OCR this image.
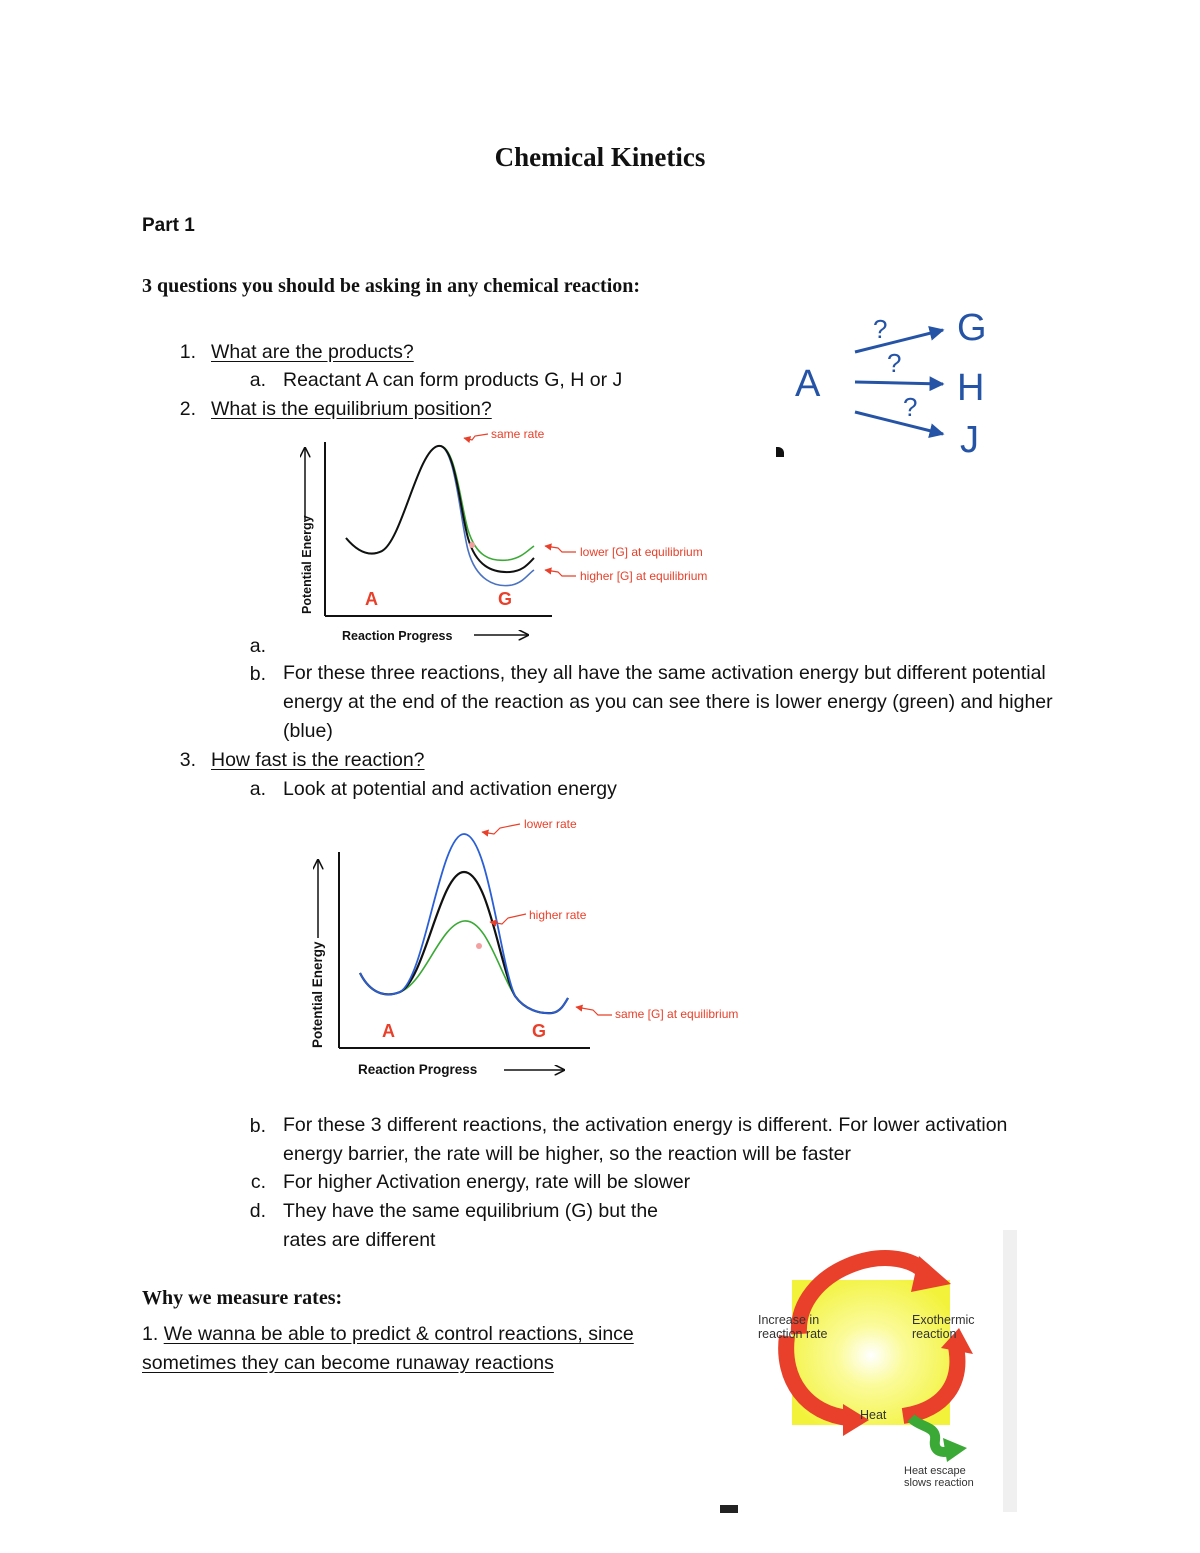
Chemical Kinetics
Part 1
3 questions you should be asking in any chemical reaction:
1. What are the products?
a. Reactant A can form products G, H or J
2. What is the equilibrium position?
A
?
?
?
G
H
J
Potential Energy
Reaction Progress
A	G
same rate
lower [G] at equilibrium
higher [G] at equilibrium
a.
b. For these three reactions, they all have the same activation energy but different potential energy at the end of the reaction as you can see there is lower energy (green) and higher (blue)
3. How fast is the reaction?
a. Look at potential and activation energy
Potential Energy
Reaction Progress
A	G
lower rate
higher rate
same [G] at equilibrium
b. For these 3 different reactions, the activation energy is different. For lower activation energy barrier, the rate will be higher, so the reaction will be faster
c. For higher Activation energy, rate will be slower
d. They have the same equilibrium (G) but the
rates are different
Why we measure rates:
1. We wanna be able to predict & control reactions, since
sometimes they can become runaway reactions
Increase in
reaction rate
Exothermic
reaction
Heat
Heat escape
slows reaction
